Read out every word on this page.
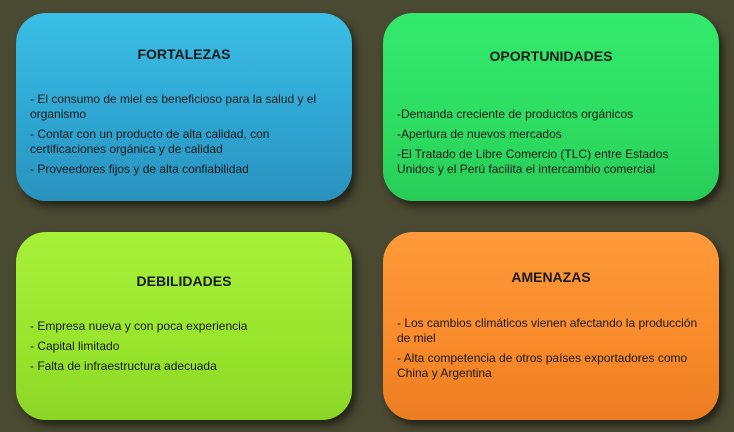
FORTALEZAS
- El consumo de miel es beneficioso para la salud y el organismo
- Contar con un producto de alta calidad, con certificaciones orgánica y de calidad
- Proveedores fijos y de alta confiabilidad
OPORTUNIDADES
-Demanda creciente de productos orgánicos
-Apertura de nuevos mercados
-El Tratado de Libre Comercio (TLC) entre Estados Unidos y el Perú facilita el intercambio comercial
DEBILIDADES
- Empresa nueva y con poca experiencia
- Capital limitado
- Falta de infraestructura adecuada
AMENAZAS
- Los cambios climáticos vienen afectando la producción de miel
- Alta competencia de otros países exportadores como China y Argentina
